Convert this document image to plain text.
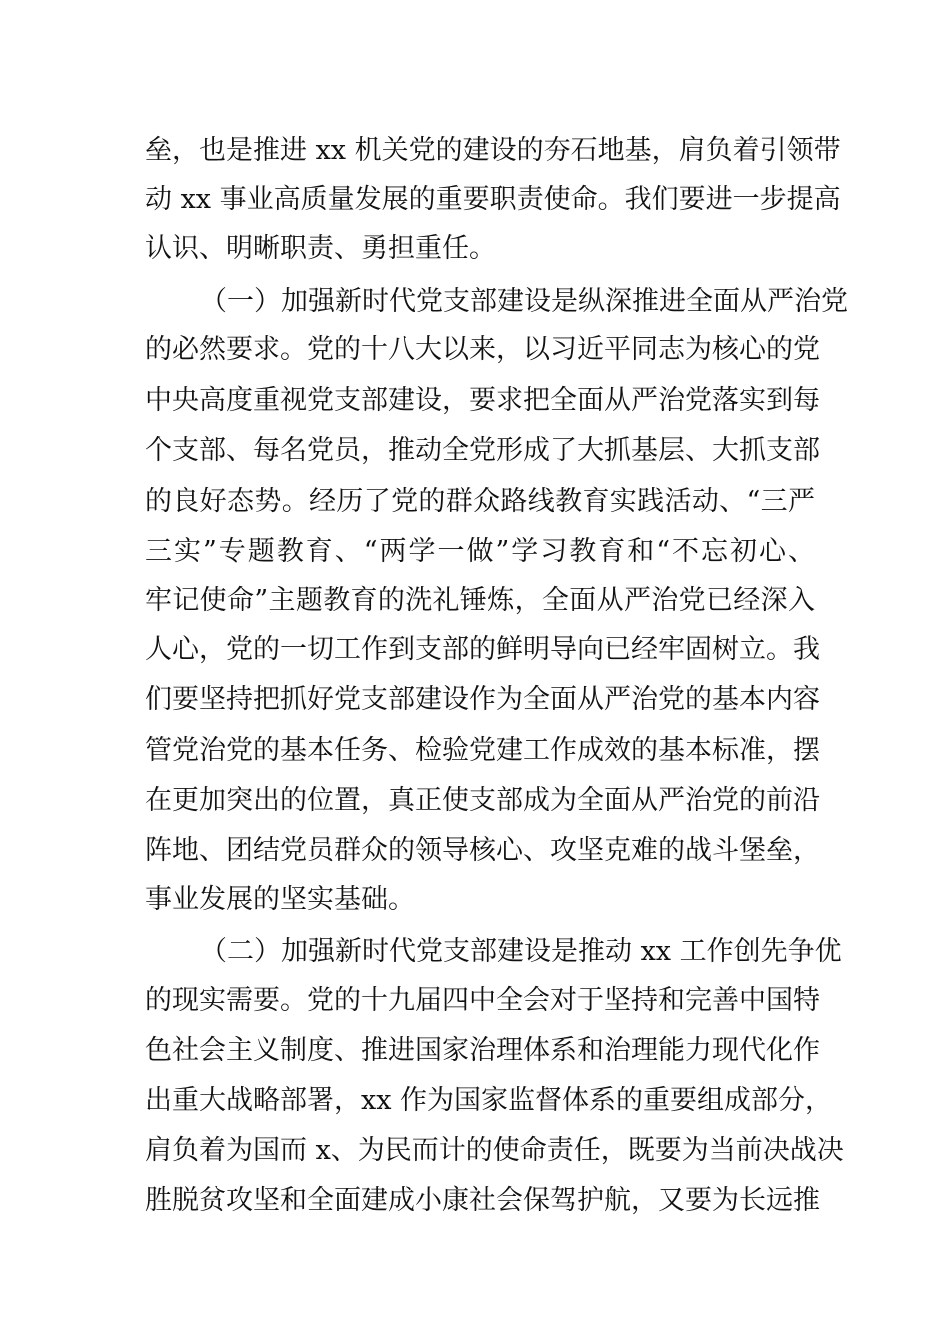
垒，也是推进 xx 机关党的建设的夯石地基，肩负着引领带
动 xx 事业高质量发展的重要职责使命。我们要进一步提高
认识、明晰职责、勇担重任。
（一）加强新时代党支部建设是纵深推进全面从严治党
的必然要求。党的十八大以来，以习近平同志为核心的党
中央高度重视党支部建设，要求把全面从严治党落实到每
个支部、每名党员，推动全党形成了大抓基层、大抓支部
的良好态势。经历了党的群众路线教育实践活动、“三严
三实”专题教育、“两学一做”学习教育和“不忘初心、
牢记使命”主题教育的洗礼锤炼，全面从严治党已经深入
人心，党的一切工作到支部的鲜明导向已经牢固树立。我
们要坚持把抓好党支部建设作为全面从严治党的基本内容
管党治党的基本任务、检验党建工作成效的基本标准，摆
在更加突出的位置，真正使支部成为全面从严治党的前沿
阵地、团结党员群众的领导核心、攻坚克难的战斗堡垒，
事业发展的坚实基础。
（二）加强新时代党支部建设是推动 xx 工作创先争优
的现实需要。党的十九届四中全会对于坚持和完善中国特
色社会主义制度、推进国家治理体系和治理能力现代化作
出重大战略部署，xx 作为国家监督体系的重要组成部分，
肩负着为国而 x、为民而计的使命责任，既要为当前决战决
胜脱贫攻坚和全面建成小康社会保驾护航，又要为长远推
